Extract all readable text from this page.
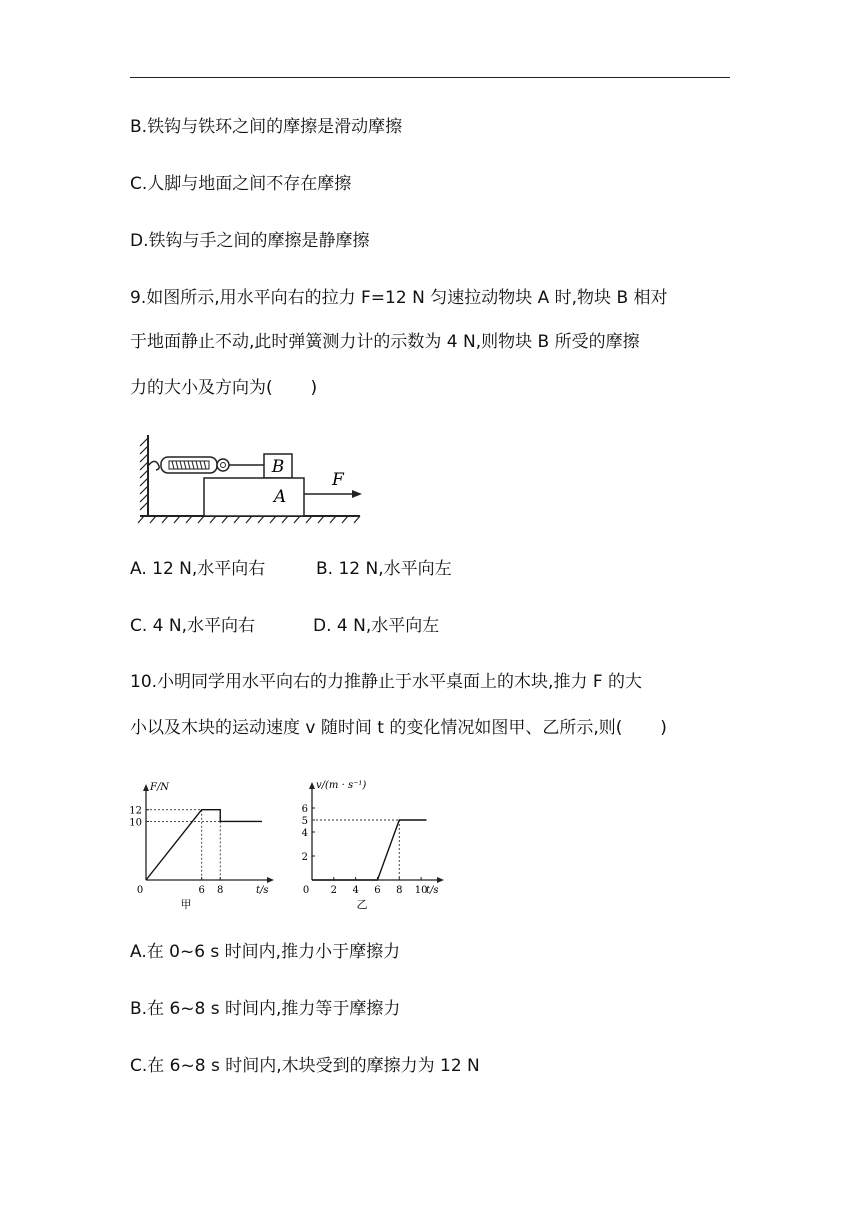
B.铁钩与铁环之间的摩擦是滑动摩擦
C.人脚与地面之间不存在摩擦
D.铁钩与手之间的摩擦是静摩擦
9.如图所示,用水平向右的拉力 F=12 N 匀速拉动物块 A 时,物块 B 相对
于地面静止不动,此时弹簧测力计的示数为 4 N,则物块 B 所受的摩擦
力的大小及方向为(       )
B
A
F
A. 12 N,水平向右	B. 12 N,水平向左
C. 4 N,水平向右	D. 4 N,水平向左
10.小明同学用水平向右的力推静止于水平桌面上的木块,推力 F 的大
小以及木块的运动速度 v 随时间 t 的变化情况如图甲、乙所示,则(       )
F/N
t/s
0	6 8
10
12
甲
v/(m · s⁻¹)
t/s
0 2 4 6 8 10
2
4
5
6
乙
A.在 0~6 s 时间内,推力小于摩擦力
B.在 6~8 s 时间内,推力等于摩擦力
C.在 6~8 s 时间内,木块受到的摩擦力为 12 N
